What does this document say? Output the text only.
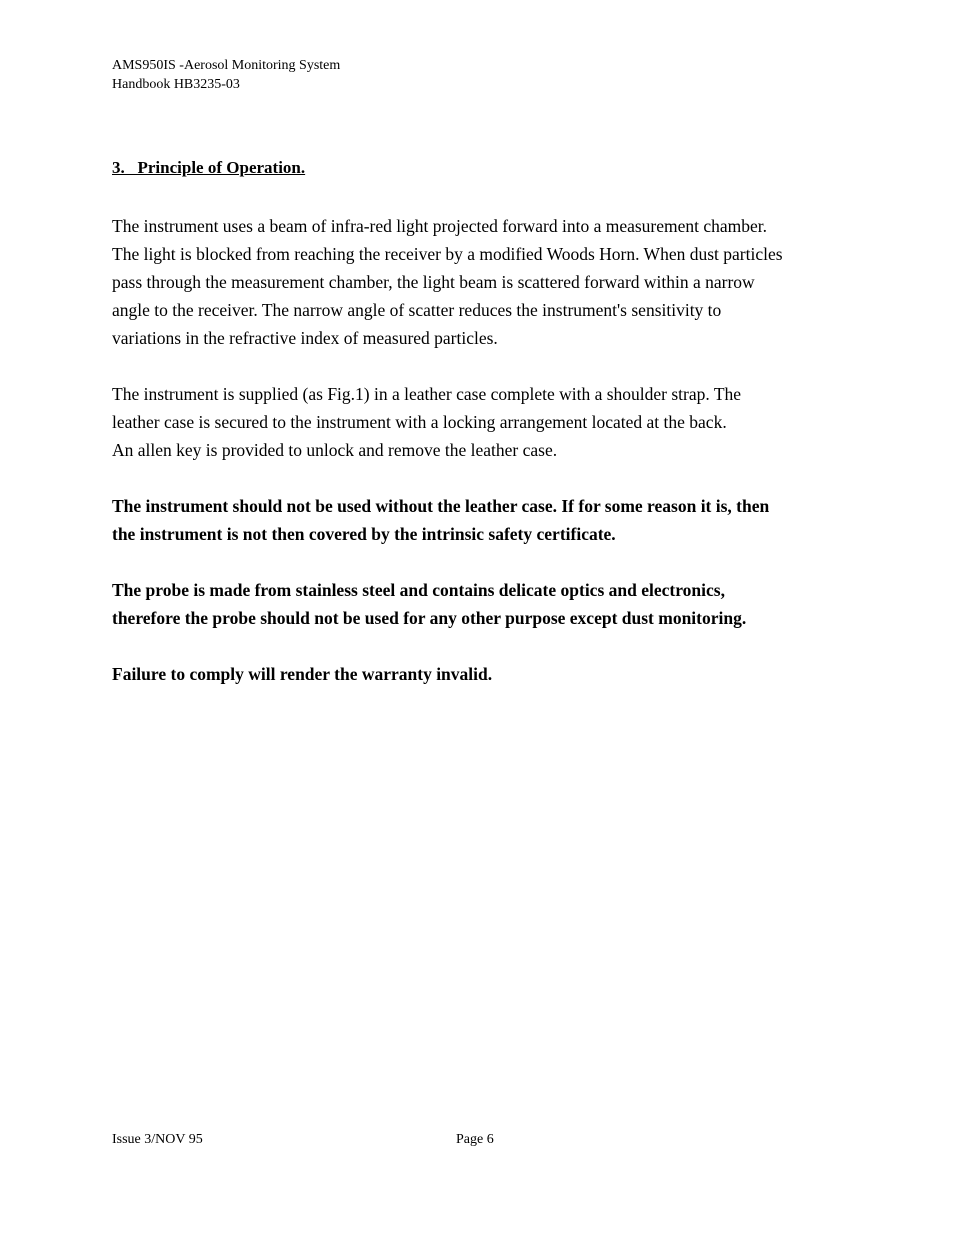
AMS950IS -Aerosol Monitoring System
Handbook HB3235-03
3.   Principle of Operation.
The instrument uses a beam of infra-red light projected forward into a measurement chamber.
The light is blocked from reaching the receiver by a modified Woods Horn. When dust particles
pass through the measurement chamber, the light beam is scattered forward within a narrow
angle to the receiver. The narrow angle of scatter reduces the instrument's sensitivity to
variations in the refractive index of measured particles.
The instrument is supplied (as Fig.1) in a leather case complete with a shoulder strap. The
leather case is secured to the instrument with a locking arrangement located at the back.
An allen key is provided to unlock and remove the leather case.
The instrument should not be used without the leather case. If for some reason it is, then
the instrument is not then covered by the intrinsic safety certificate.
The probe is made from stainless steel and contains delicate optics and electronics,
therefore the probe should not be used for any other purpose except dust monitoring.
Failure to comply will render the warranty invalid.
Issue 3/NOV 95	Page 6
